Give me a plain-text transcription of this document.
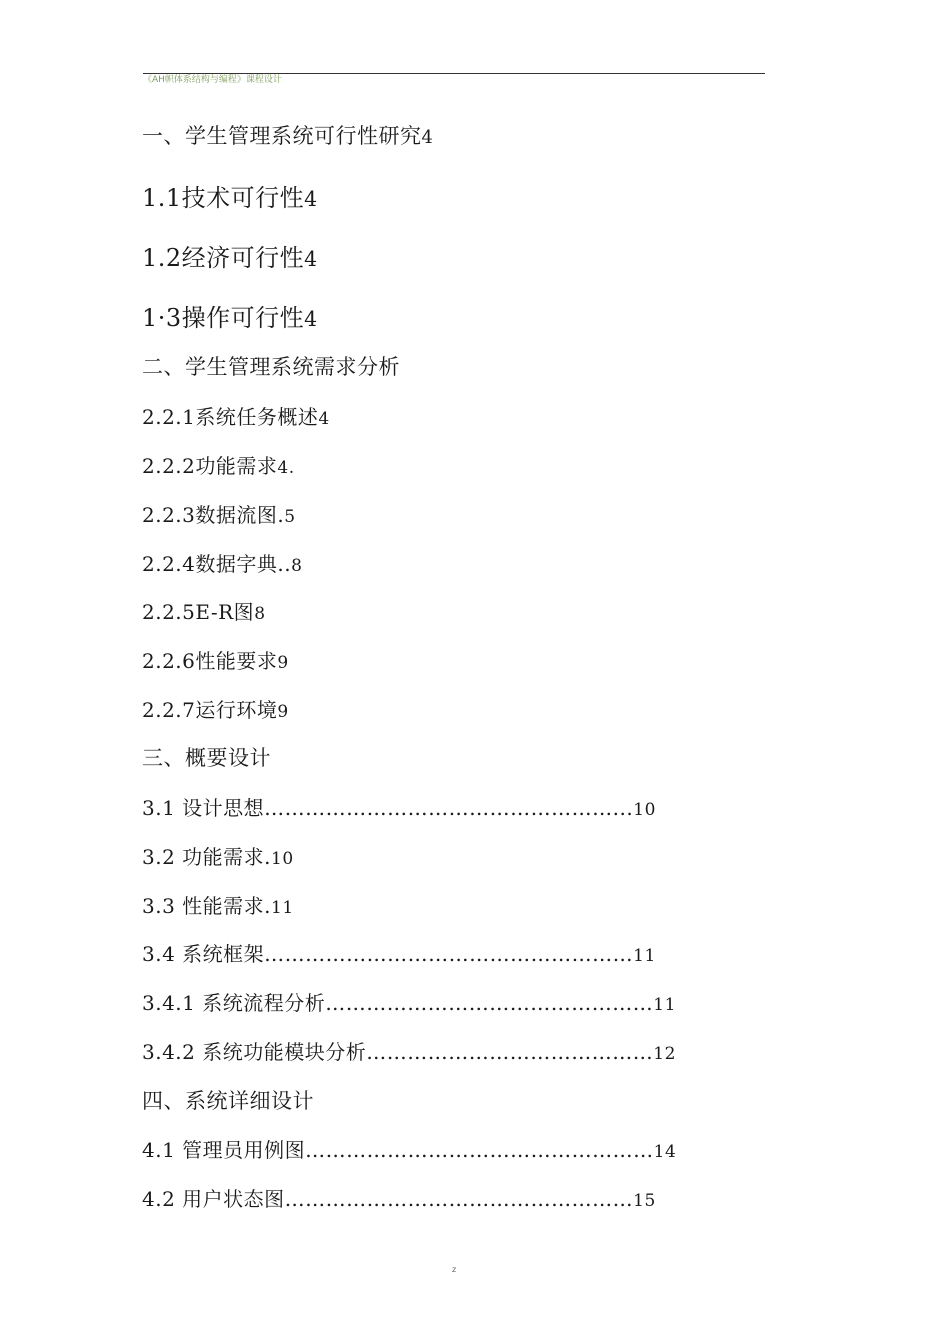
《AH帜体系结构与编程》课程设计
一、学生管理系统可行性研究4
1.1技术可行性4
1.2经济可行性4
1·3操作可行性4
二、学生管理系统需求分析
2.2.1系统任务概述4
2.2.2功能需求4.
2.2.3数据流图.5
2.2.4数据字典..8
2.2.5E-R图8
2.2.6性能要求9
2.2.7运行环境9
三、概要设计
3.1 设计思想……………………………………………...10
3.2 功能需求.10
3.3 性能需求.11
3.4 系统框架………………………………………………11
3.4.1 系统流程分析…………………………………………11
3.4.2 系统功能模块分析……………………………………12
四、系统详细设计
4.1 管理员用例图……………………………………………14
4.2 用户状态图……………………………………………15
z
